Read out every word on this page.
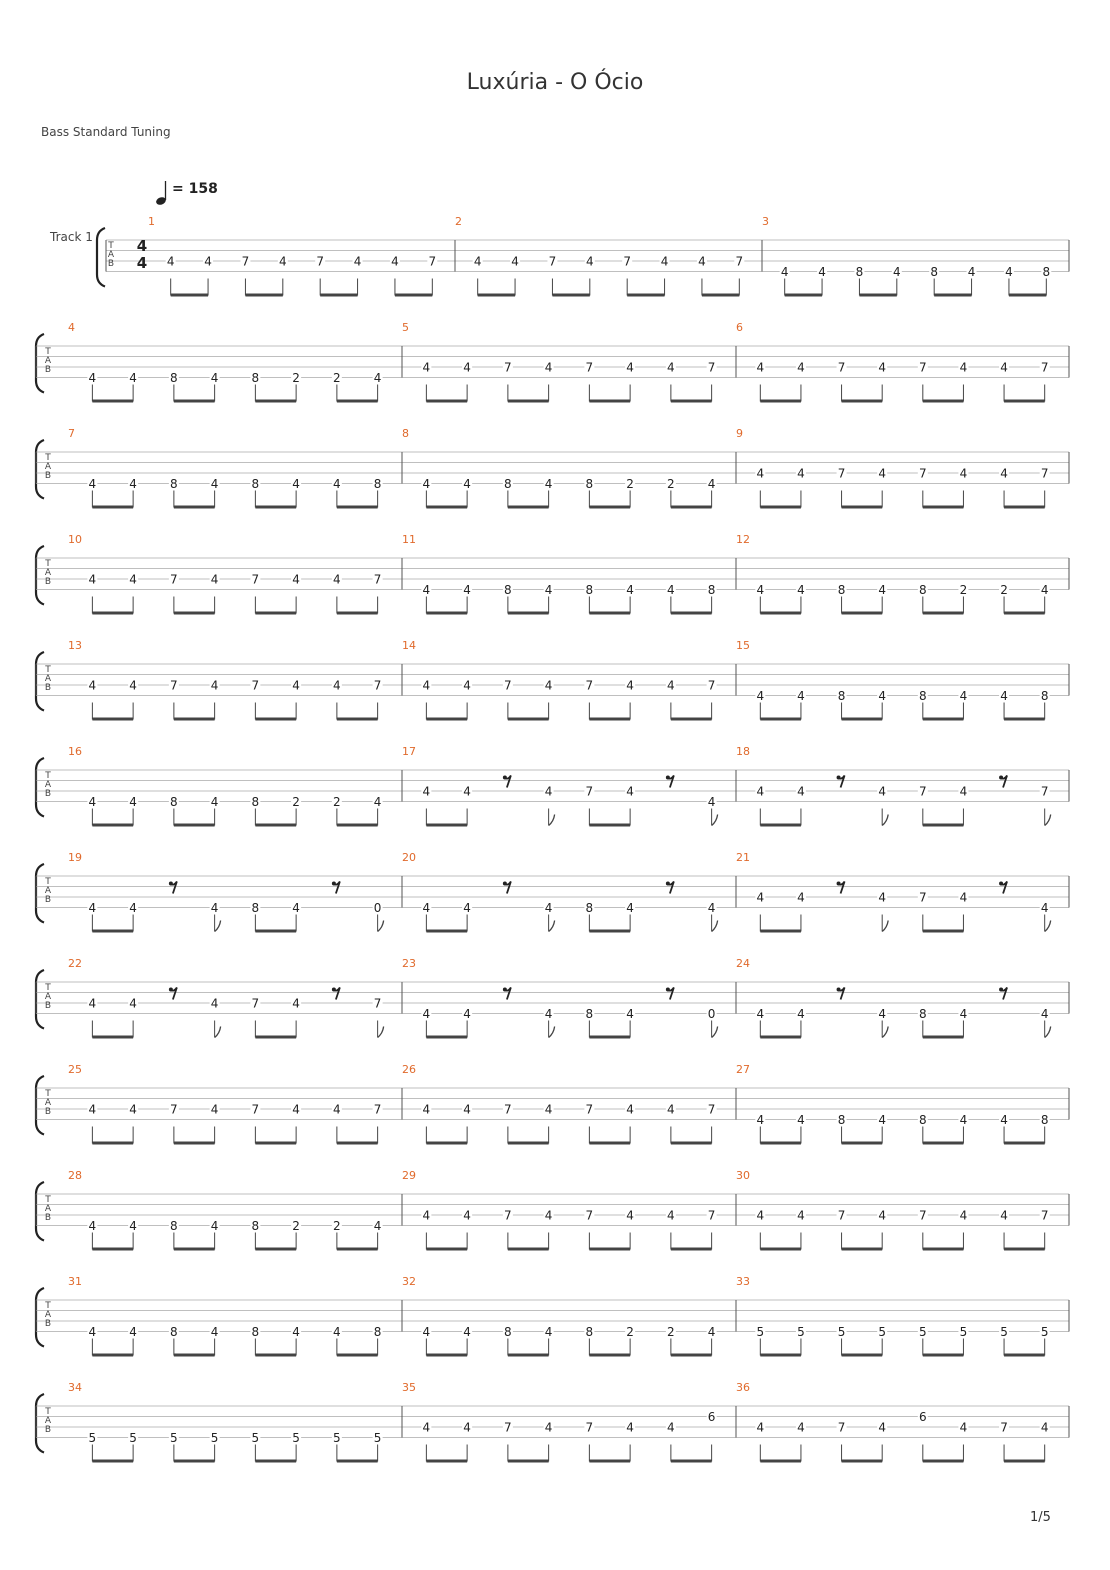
Luxúria - O Ócio
Bass Standard Tuning
T
A
B
Track 1	4
4
= 158
1
4 4 7 4 7 4 4 7
2
4 4 7 4 7 4 4 7
3
4 4 8 4 8 4 4 8
T
A
B
4
4	4	8	4	8	2	2	4
5
4	4	7	4	7	4	4	7
6
4	4	7	4	7	4	4	7
T
A
B
7
4	4	8	4	8	4	4	8
8
4	4	8	4	8	2	2	4
9
4	4	7	4	7	4	4	7
T
A
B
10
4	4	7	4	7	4	4	7
11
4	4	8	4	8	4	4	8
12
4	4	8	4	8	2	2	4
T
A
B
13
4	4	7	4	7	4	4	7
14
4	4	7	4	7	4	4	7
15
4	4	8	4	8	4	4	8
T
A
B
16
4	4	8	4	8	2	2	4
17
4	4	4	7	4
4
18
4	4	4	7	4	7
T
A
B
19
4	4	4	8	4	0
20
4	4	4	8	4	4
21
4	4	4	7	4
4
T
A
B
22
4	4	4	7	4	7
23
4	4	4	8	4	0
24
4	4	4	8	4	4
T
A
B
25
4	4	7	4	7	4	4	7
26
4	4	7	4	7	4	4	7
27
4	4	8	4	8	4	4	8
T
A
B
28
4	4	8	4	8	2	2	4
29
4	4	7	4	7	4	4	7
30
4	4	7	4	7	4	4	7
T
A
B
31
4	4	8	4	8	4	4	8
32
4	4	8	4	8	2	2	4
33
5	5	5	5	5	5	5	5
T
A
B
34
5	5	5	5	5	5	5	5
35
4	4	7	4	7	4	4
6
36
4	4	7	4
6
4	7	4
1/5
